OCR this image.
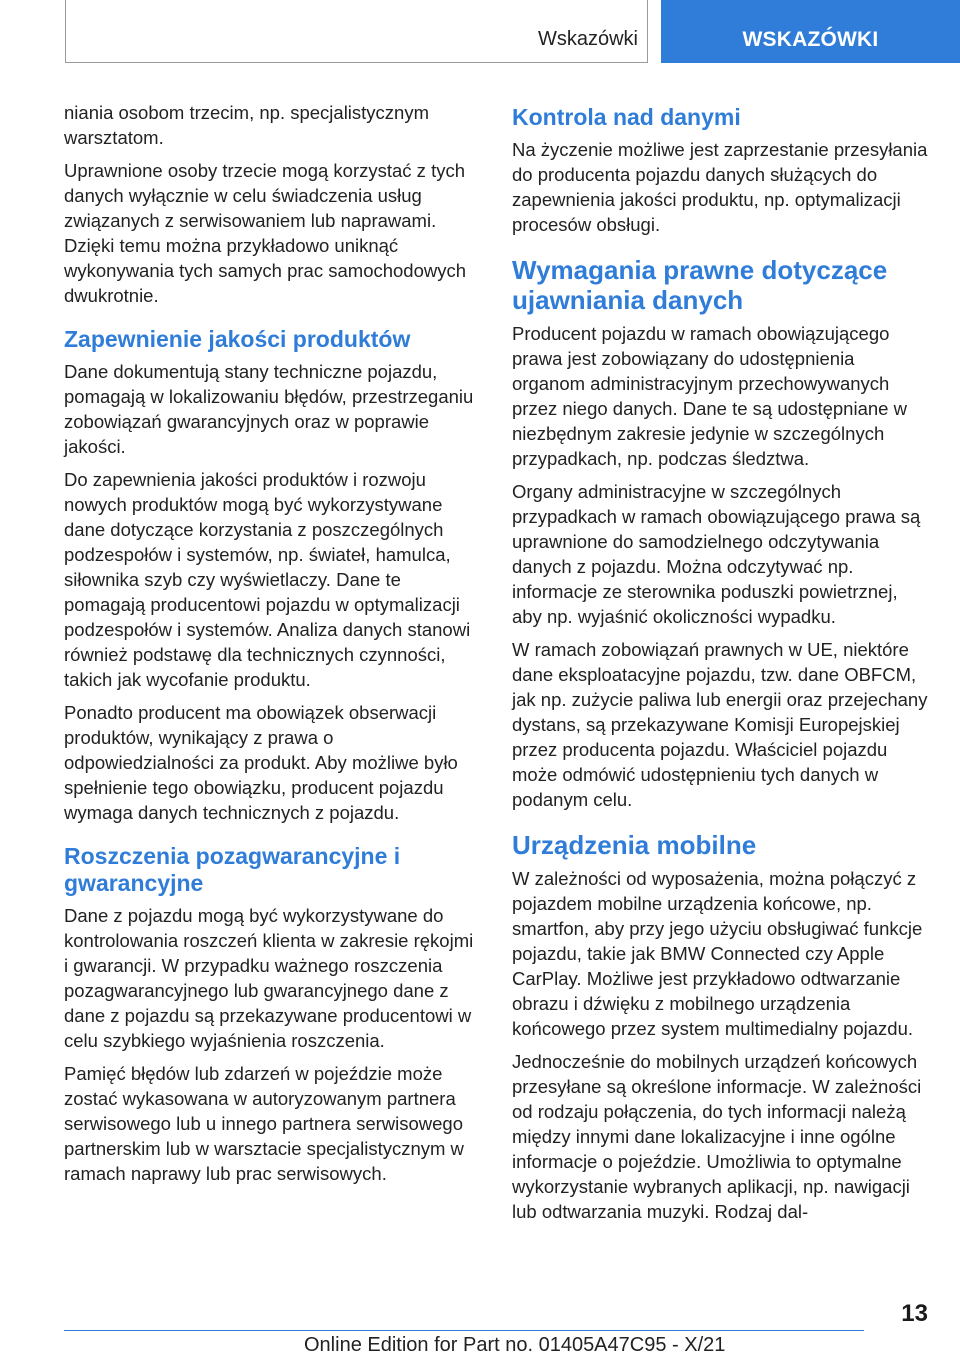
Wskazówki	WSKAZÓWKI

niania osobom trzecim, np. specjalistycznym warsztatom.

Uprawnione osoby trzecie mogą korzystać z tych danych wyłącznie w celu świadczenia usług związanych z serwisowaniem lub naprawami. Dzięki temu można przykładowo uniknąć wykonywania tych samych prac samochodowych dwukrotnie.

Zapewnienie jakości produktów

Dane dokumentują stany techniczne pojazdu, pomagają w lokalizowaniu błędów, przestrzeganiu zobowiązań gwarancyjnych oraz w poprawie jakości.

Do zapewnienia jakości produktów i rozwoju nowych produktów mogą być wykorzystywane dane dotyczące korzystania z poszczególnych podzespołów i systemów, np. świateł, hamulca, siłownika szyb czy wyświetlaczy. Dane te pomagają producentowi pojazdu w optymalizacji podzespołów i systemów. Analiza danych stanowi również podstawę dla technicznych czynności, takich jak wycofanie produktu.

Ponadto producent ma obowiązek obserwacji produktów, wynikający z prawa o odpowiedzialności za produkt. Aby możliwe było spełnienie tego obowiązku, producent pojazdu wymaga danych technicznych z pojazdu.

Roszczenia pozagwarancyjne i gwarancyjne

Dane z pojazdu mogą być wykorzystywane do kontrolowania roszczeń klienta w zakresie rękojmi i gwarancji. W przypadku ważnego roszczenia pozagwarancyjnego lub gwarancyjnego dane z dane z pojazdu są przekazywane producentowi w celu szybkiego wyjaśnienia roszczenia.

Pamięć błędów lub zdarzeń w pojeździe może zostać wykasowana w autoryzowanym partnera serwisowego lub u innego partnera serwisowego partnerskim lub w warsztacie specjalistycznym w ramach naprawy lub prac serwisowych.

Kontrola nad danymi

Na życzenie możliwe jest zaprzestanie przesyłania do producenta pojazdu danych służących do zapewnienia jakości produktu, np. optymalizacji procesów obsługi.

Wymagania prawne dotyczące ujawniania danych

Producent pojazdu w ramach obowiązującego prawa jest zobowiązany do udostępnienia organom administracyjnym przechowywanych przez niego danych. Dane te są udostępniane w niezbędnym zakresie jedynie w szczególnych przypadkach, np. podczas śledztwa.

Organy administracyjne w szczególnych przypadkach w ramach obowiązującego prawa są uprawnione do samodzielnego odczytywania danych z pojazdu. Można odczytywać np. informacje ze sterownika poduszki powietrznej, aby np. wyjaśnić okoliczności wypadku.

W ramach zobowiązań prawnych w UE, niektóre dane eksploatacyjne pojazdu, tzw. dane OBFCM, jak np. zużycie paliwa lub energii oraz przejechany dystans, są przekazywane Komisji Europejskiej przez producenta pojazdu. Właściciel pojazdu może odmówić udostępnieniu tych danych w podanym celu.

Urządzenia mobilne

W zależności od wyposażenia, można połączyć z pojazdem mobilne urządzenia końcowe, np. smartfon, aby przy jego użyciu obsługiwać funkcje pojazdu, takie jak BMW Connected czy Apple CarPlay. Możliwe jest przykładowo odtwarzanie obrazu i dźwięku z mobilnego urządzenia końcowego przez system multimedialny pojazdu.

Jednocześnie do mobilnych urządzeń końcowych przesyłane są określone informacje. W zależności od rodzaju połączenia, do tych informacji należą między innymi dane lokalizacyjne i inne ogólne informacje o pojeździe. Umożliwia to optymalne wykorzystanie wybranych aplikacji, np. nawigacji lub odtwarzania muzyki. Rodzaj dal-

13
Online Edition for Part no. 01405A47C95 - X/21
